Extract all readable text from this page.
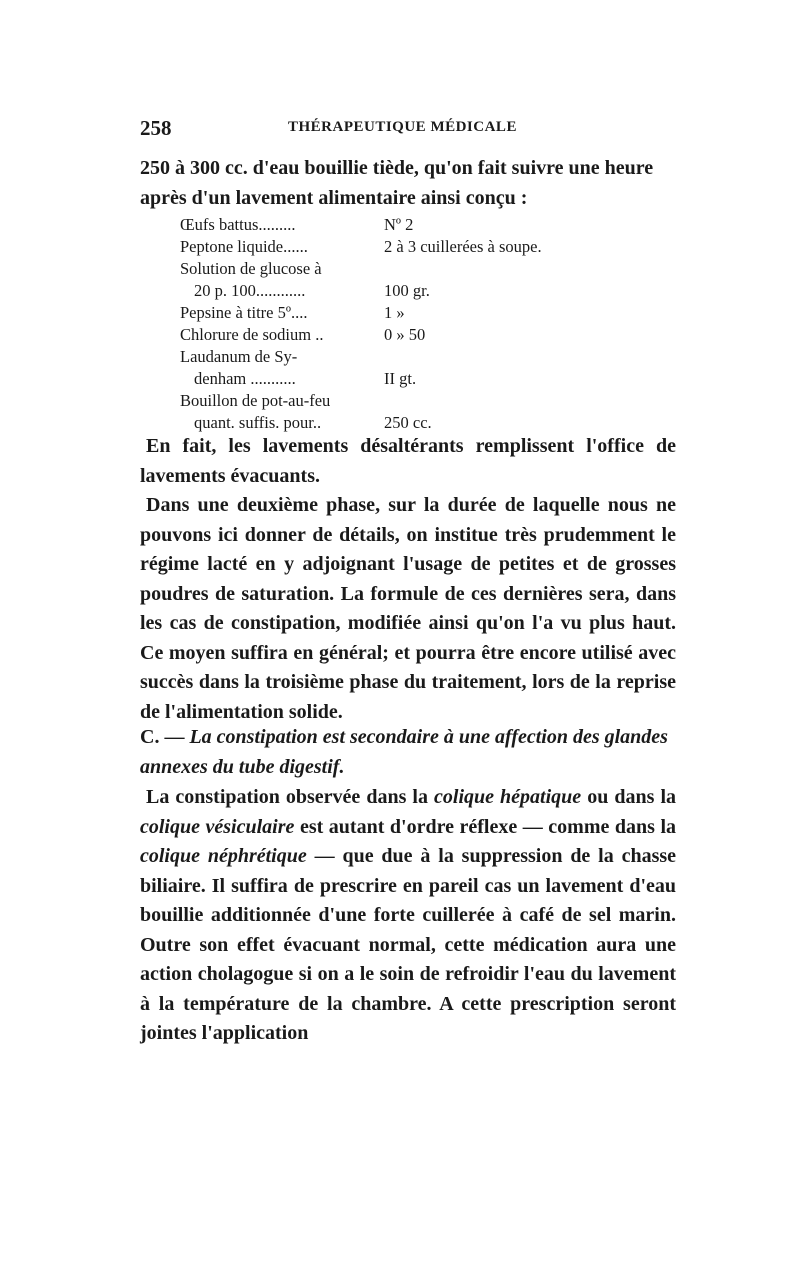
258	THÉRAPEUTIQUE MÉDICALE

250 à 300 cc. d'eau bouillie tiède, qu'on fait suivre une heure

après d'un lavement alimentaire ainsi conçu :

Œufs battus.........	Nº 2
Peptone liquide......	2 à 3 cuillerées à soupe.
Solution de glucose à
20 p. 100............	100 gr.
Pepsine à titre 5º....	1 »
Chlorure de sodium ..	0 » 50
Laudanum de Sy-
denham ...........	II gt.
Bouillon de pot-au-feu
quant. suffis. pour..	250 cc.

En fait, les lavements désaltérants remplissent l'office de lavements évacuants.

Dans une deuxième phase, sur la durée de laquelle nous ne pouvons ici donner de détails, on institue très prudemment le régime lacté en y adjoignant l'usage de petites et de grosses poudres de saturation. La formule de ces dernières sera, dans les cas de constipation, modifiée ainsi qu'on l'a vu plus haut. Ce moyen suffira en général; et pourra être encore utilisé avec succès dans la troisième phase du traitement, lors de la reprise de l'alimentation solide.

C. — La constipation est secondaire à une affection des glandes annexes du tube digestif.

La constipation observée dans la colique hépatique ou dans la colique vésiculaire est autant d'ordre réflexe — comme dans la colique néphrétique — que due à la suppression de la chasse biliaire. Il suffira de prescrire en pareil cas un lavement d'eau bouillie additionnée d'une forte cuillerée à café de sel marin. Outre son effet évacuant normal, cette médication aura une action cholagogue si on a le soin de refroidir l'eau du lavement à la température de la chambre. A cette prescription seront jointes l'application
